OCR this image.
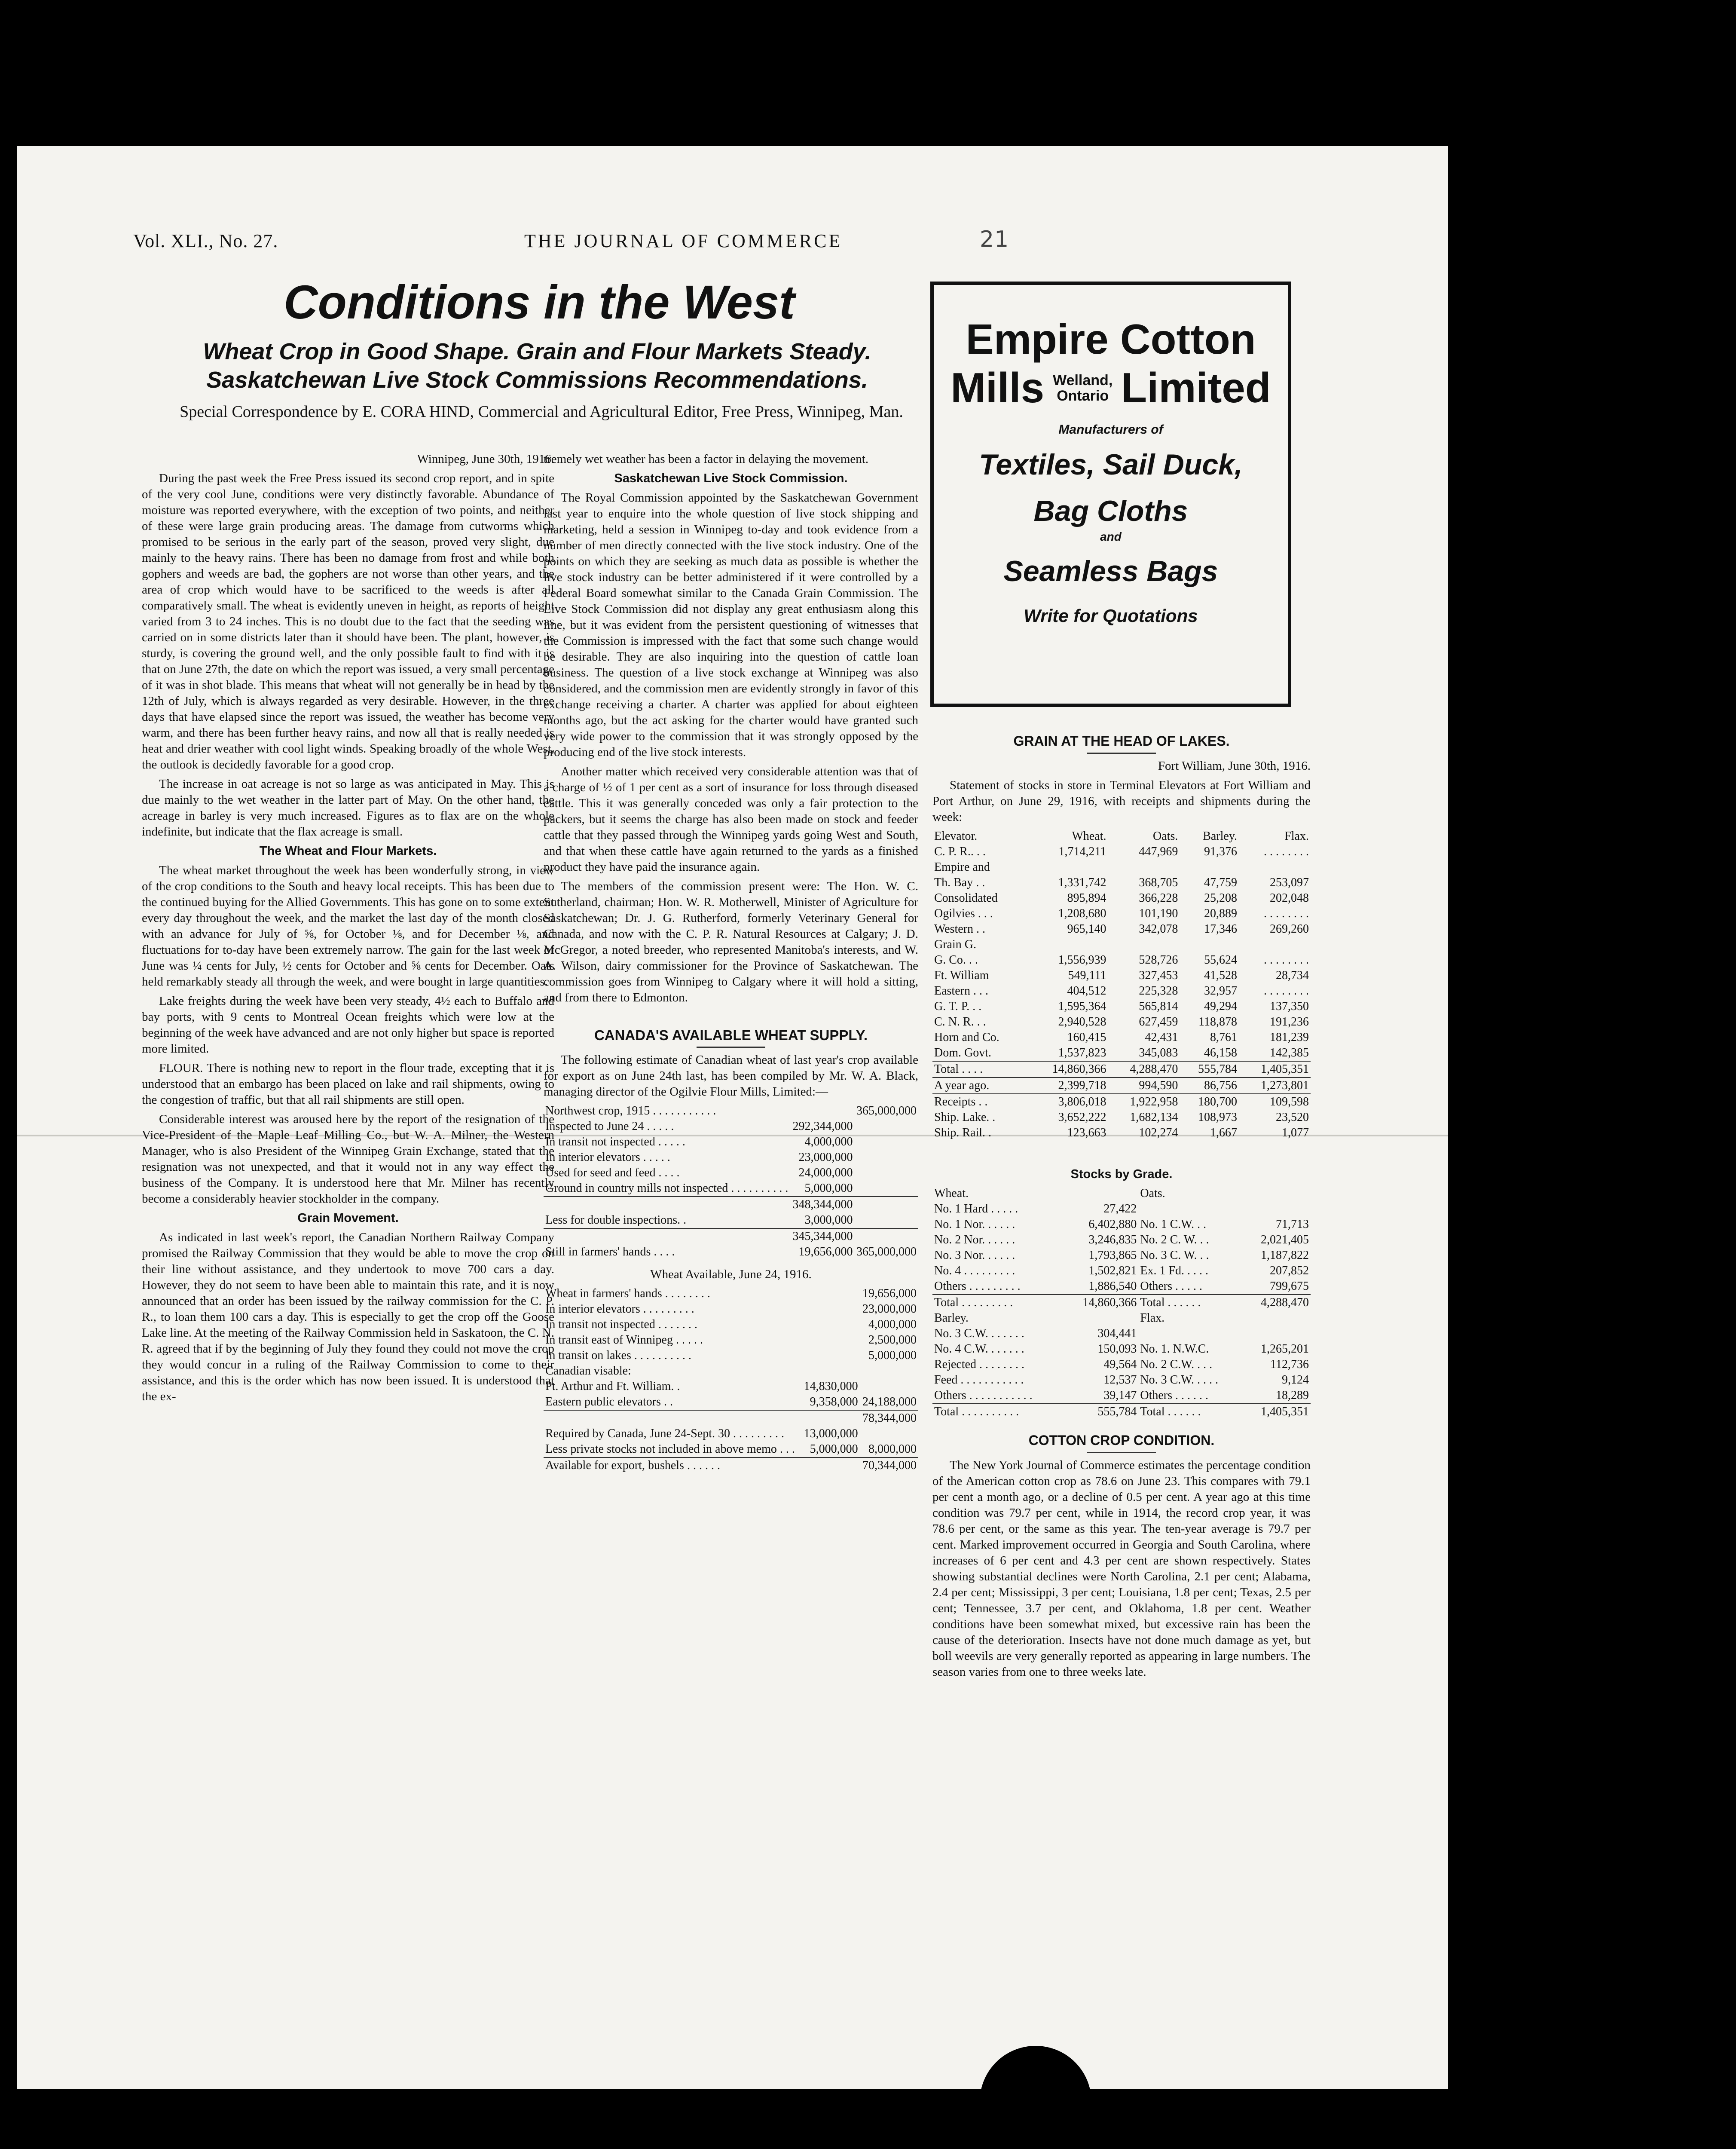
Vol. XLI., No. 27.	THE JOURNAL OF COMMERCE	21
Conditions in the West
Wheat Crop in Good Shape. Grain and Flour Markets Steady.
Saskatchewan Live Stock Commissions Recommendations.
Special Correspondence by E. CORA HIND, Commercial and Agricultural Editor, Free Press, Winnipeg, Man.
Winnipeg, June 30th, 1916.

During the past week the Free Press issued its second crop report, and in spite of the very cool June, conditions were very distinctly favorable. Abundance of moisture was reported everywhere, with the exception of two points, and neither of these were large grain producing areas. The damage from cutworms which promised to be serious in the early part of the season, proved very slight, due mainly to the heavy rains. There has been no damage from frost and while both gophers and weeds are bad, the gophers are not worse than other years, and the area of crop which would have to be sacrificed to the weeds is after all comparatively small. The wheat is evidently uneven in height, as reports of height varied from 3 to 24 inches. This is no doubt due to the fact that the seeding was carried on in some districts later than it should have been. The plant, however, is sturdy, is covering the ground well, and the only possible fault to find with it is that on June 27th, the date on which the report was issued, a very small percentage of it was in shot blade. This means that wheat will not generally be in head by the 12th of July, which is always regarded as very desirable. However, in the three days that have elapsed since the report was issued, the weather has become very warm, and there has been further heavy rains, and now all that is really needed is heat and drier weather with cool light winds. Speaking broadly of the whole West, the outlook is decidedly favorable for a good crop.

The increase in oat acreage is not so large as was anticipated in May. This is due mainly to the wet weather in the latter part of May. On the other hand, the acreage in barley is very much increased. Figures as to flax are on the whole indefinite, but indicate that the flax acreage is small.

The Wheat and Flour Markets.

The wheat market throughout the week has been wonderfully strong, in view of the crop conditions to the South and heavy local receipts. This has been due to the continued buying for the Allied Governments. This has gone on to some extent every day throughout the week, and the market the last day of the month closed with an advance for July of ⅝, for October ⅛, and for December ⅛, and fluctuations for to-day have been extremely narrow. The gain for the last week of June was ¼ cents for July, ½ cents for October and ⅝ cents for December. Oats held remarkably steady all through the week, and were bought in large quantities.

Lake freights during the week have been very steady, 4½ each to Buffalo and bay ports, with 9 cents to Montreal Ocean freights which were low at the beginning of the week have advanced and are not only higher but space is reported more limited.

FLOUR. There is nothing new to report in the flour trade, excepting that it is understood that an embargo has been placed on lake and rail shipments, owing to the congestion of traffic, but that all rail shipments are still open.

Considerable interest was aroused here by the report of the resignation of the Vice-President of the Maple Leaf Milling Co., but W. A. Milner, the Western Manager, who is also President of the Winnipeg Grain Exchange, stated that the resignation was not unexpected, and that it would not in any way effect the business of the Company. It is understood here that Mr. Milner has recently become a considerably heavier stockholder in the company.

Grain Movement.

As indicated in last week's report, the Canadian Northern Railway Company promised the Railway Commission that they would be able to move the crop on their line without assistance, and they undertook to move 700 cars a day. However, they do not seem to have been able to maintain this rate, and it is now announced that an order has been issued by the railway commission for the C. P. R., to loan them 100 cars a day. This is especially to get the crop off the Goose Lake line. At the meeting of the Railway Commission held in Saskatoon, the C. N. R. agreed that if by the beginning of July they found they could not move the crop they would concur in a ruling of the Railway Commission to come to their assistance, and this is the order which has now been issued. It is understood that the ex-

tremely wet weather has been a factor in delaying the movement.

Saskatchewan Live Stock Commission.

The Royal Commission appointed by the Saskatchewan Government last year to enquire into the whole question of live stock shipping and marketing, held a session in Winnipeg to-day and took evidence from a number of men directly connected with the live stock industry. One of the points on which they are seeking as much data as possible is whether the live stock industry can be better administered if it were controlled by a Federal Board somewhat similar to the Canada Grain Commission. The Live Stock Commission did not display any great enthusiasm along this line, but it was evident from the persistent questioning of witnesses that the Commission is impressed with the fact that some such change would be desirable. They are also inquiring into the question of cattle loan business. The question of a live stock exchange at Winnipeg was also considered, and the commission men are evidently strongly in favor of this exchange receiving a charter. A charter was applied for about eighteen months ago, but the act asking for the charter would have granted such very wide power to the commission that it was strongly opposed by the producing end of the live stock interests.

Another matter which received very considerable attention was that of a charge of ½ of 1 per cent as a sort of insurance for loss through diseased cattle. This it was generally conceded was only a fair protection to the packers, but it seems the charge has also been made on stock and feeder cattle that they passed through the Winnipeg yards going West and South, and that when these cattle have again returned to the yards as a finished product they have paid the insurance again.

The members of the commission present were: The Hon. W. C. Sutherland, chairman; Hon. W. R. Motherwell, Minister of Agriculture for Saskatchewan; Dr. J. G. Rutherford, formerly Veterinary General for Canada, and now with the C. P. R. Natural Resources at Calgary; J. D. McGregor, a noted breeder, who represented Manitoba's interests, and W. A. Wilson, dairy commissioner for the Province of Saskatchewan. The commission goes from Winnipeg to Calgary where it will hold a sitting, and from there to Edmonton.

CANADA'S AVAILABLE WHEAT SUPPLY.

The following estimate of Canadian wheat of last year's crop available for export as on June 24th last, has been compiled by Mr. W. A. Black, managing director of the Ogilvie Flour Mills, Limited:—

Northwest crop, 1915 . . . . . . . . . . .		365,000,000
Inspected to June 24 . . . . .	292,344,000	
In transit not inspected . . . . .	4,000,000	
In interior elevators . . . . .	23,000,000	
Used for seed and feed . . . .	24,000,000	
Ground in country mills not inspected . . . . . . . . . .	5,000,000	
	348,344,000	
Less for double inspections. .	3,000,000	
	345,344,000	
Still in farmers' hands . . . .	19,656,000	365,000,000
Wheat Available, June 24, 1916.
Wheat in farmers' hands . . . . . . . .		19,656,000
In interior elevators . . . . . . . . .		23,000,000
In transit not inspected . . . . . . .		4,000,000
In transit east of Winnipeg . . . . .		2,500,000
In transit on lakes . . . . . . . . . .		5,000,000
Canadian visable:		
Pt. Arthur and Ft. William. .	14,830,000	
Eastern public elevators . .	9,358,000	24,188,000
		78,344,000
Required by Canada, June 24-Sept. 30 . . . . . . . . .	13,000,000	
Less private stocks not included in above memo . . .	5,000,000	8,000,000
Available for export, bushels . . . . . .		70,344,000
Empire Cotton
Mills Welland,
Ontario Limited
Manufacturers of
Textiles, Sail Duck,
Bag Cloths
and
Seamless Bags
Write for Quotations
GRAIN AT THE HEAD OF LAKES.
Fort William, June 30th, 1916.

Statement of stocks in store in Terminal Elevators at Fort William and Port Arthur, on June 29, 1916, with receipts and shipments during the week:

Elevator.	Wheat.	Oats.	Barley.	Flax.
C. P. R.. . .	1,714,211	447,969	91,376	. . . . . . . .
Empire and				
Th. Bay . .	1,331,742	368,705	47,759	253,097
Consolidated	895,894	366,228	25,208	202,048
Ogilvies . . .	1,208,680	101,190	20,889	. . . . . . . .
Western . .	965,140	342,078	17,346	269,260
Grain G.				
G. Co. . .	1,556,939	528,726	55,624	. . . . . . . .
Ft. William	549,111	327,453	41,528	28,734
Eastern . . .	404,512	225,328	32,957	. . . . . . . .
G. T. P. . .	1,595,364	565,814	49,294	137,350
C. N. R. . .	2,940,528	627,459	118,878	191,236
Horn and Co.	160,415	42,431	8,761	181,239
Dom. Govt.	1,537,823	345,083	46,158	142,385
Total . . . .	14,860,366	4,288,470	555,784	1,405,351
A year ago.	2,399,718	994,590	86,756	1,273,801
Receipts . .	3,806,018	1,922,958	180,700	109,598
Ship. Lake. .	3,652,222	1,682,134	108,973	23,520
Ship. Rail. .	123,663	102,274	1,667	1,077
Stocks by Grade.
Wheat.		Oats.	
No. 1 Hard . . . . .	27,422		
No. 1 Nor. . . . . .	6,402,880	No. 1 C.W. . .	71,713
No. 2 Nor. . . . . .	3,246,835	No. 2 C. W. . .	2,021,405
No. 3 Nor. . . . . .	1,793,865	No. 3 C. W. . .	1,187,822
No. 4 . . . . . . . . .	1,502,821	Ex. 1 Fd. . . . .	207,852
Others . . . . . . . . .	1,886,540	Others . . . . .	799,675
Total . . . . . . . . .	14,860,366	Total . . . . . .	4,288,470
Barley.		Flax.	
No. 3 C.W. . . . . . .	304,441		
No. 4 C.W. . . . . . .	150,093	No. 1. N.W.C.	1,265,201
Rejected . . . . . . . .	49,564	No. 2 C.W. . . .	112,736
Feed . . . . . . . . . . .	12,537	No. 3 C.W. . . . .	9,124
Others . . . . . . . . . . .	39,147	Others . . . . . .	18,289
Total . . . . . . . . . .	555,784	Total . . . . . .	1,405,351
COTTON CROP CONDITION.

The New York Journal of Commerce estimates the percentage condition of the American cotton crop as 78.6 on June 23. This compares with 79.1 per cent a month ago, or a decline of 0.5 per cent. A year ago at this time condition was 79.7 per cent, while in 1914, the record crop year, it was 78.6 per cent, or the same as this year. The ten-year average is 79.7 per cent. Marked improvement occurred in Georgia and South Carolina, where increases of 6 per cent and 4.3 per cent are shown respectively. States showing substantial declines were North Carolina, 2.1 per cent; Alabama, 2.4 per cent; Mississippi, 3 per cent; Louisiana, 1.8 per cent; Texas, 2.5 per cent; Tennessee, 3.7 per cent, and Oklahoma, 1.8 per cent. Weather conditions have been somewhat mixed, but excessive rain has been the cause of the deterioration. Insects have not done much damage as yet, but boll weevils are very generally reported as appearing in large numbers. The season varies from one to three weeks late.
